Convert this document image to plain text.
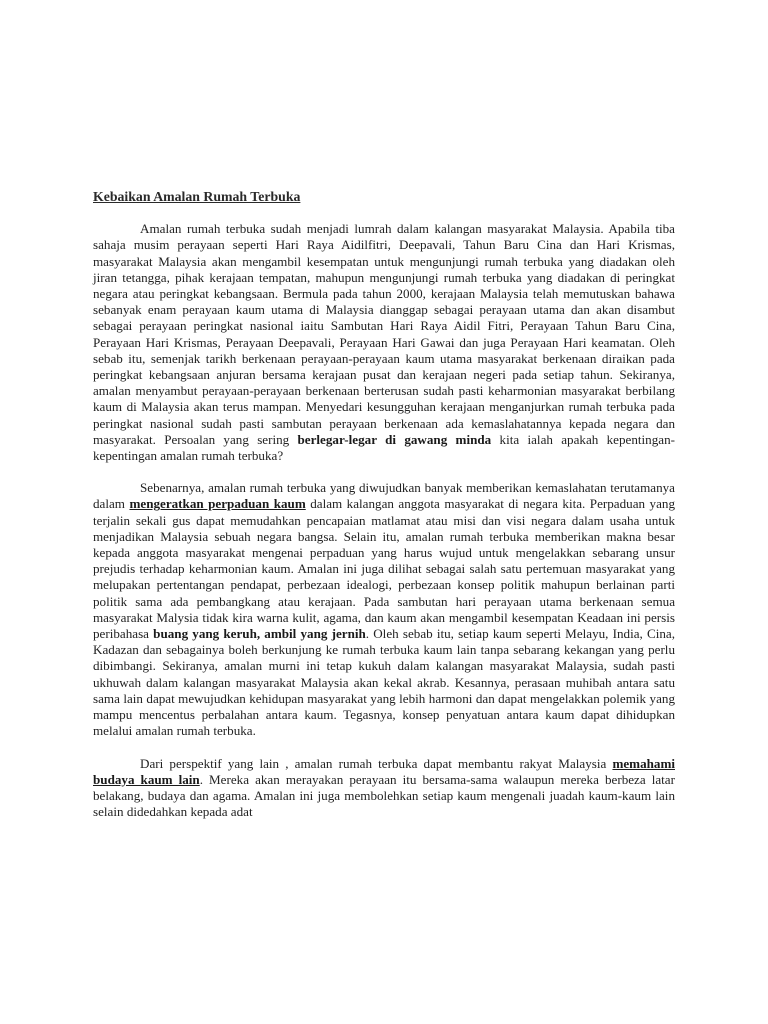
Kebaikan Amalan Rumah Terbuka

Amalan rumah terbuka sudah menjadi lumrah dalam kalangan masyarakat Malaysia. Apabila tiba sahaja musim perayaan seperti Hari Raya Aidilfitri, Deepavali, Tahun Baru Cina dan Hari Krismas, masyarakat Malaysia akan mengambil kesempatan untuk mengunjungi rumah terbuka yang diadakan oleh jiran tetangga, pihak kerajaan tempatan, mahupun mengunjungi rumah terbuka yang diadakan di peringkat negara atau peringkat kebangsaan. Bermula pada tahun 2000, kerajaan Malaysia telah memutuskan bahawa sebanyak enam perayaan kaum utama di Malaysia dianggap sebagai perayaan utama dan akan disambut sebagai perayaan peringkat nasional iaitu Sambutan Hari Raya Aidil Fitri, Perayaan Tahun Baru Cina, Perayaan Hari Krismas, Perayaan Deepavali, Perayaan Hari Gawai dan juga Perayaan Hari keamatan. Oleh sebab itu, semenjak tarikh berkenaan perayaan-perayaan kaum utama masyarakat berkenaan diraikan pada peringkat kebangsaan anjuran bersama kerajaan pusat dan kerajaan negeri pada setiap tahun. Sekiranya, amalan menyambut perayaan-perayaan berkenaan berterusan sudah pasti keharmonian masyarakat berbilang kaum di Malaysia akan terus mampan. Menyedari kesungguhan kerajaan menganjurkan rumah terbuka pada peringkat nasional sudah pasti sambutan perayaan berkenaan ada kemaslahatannya kepada negara dan masyarakat. Persoalan yang sering berlegar-legar di gawang minda kita ialah apakah kepentingan-kepentingan amalan rumah terbuka?

Sebenarnya, amalan rumah terbuka yang diwujudkan banyak memberikan kemaslahatan terutamanya dalam mengeratkan perpaduan kaum dalam kalangan anggota masyarakat di negara kita. Perpaduan yang terjalin sekali gus dapat memudahkan pencapaian matlamat atau misi dan visi negara dalam usaha untuk menjadikan Malaysia sebuah negara bangsa. Selain itu, amalan rumah terbuka memberikan makna besar kepada anggota masyarakat mengenai perpaduan yang harus wujud untuk mengelakkan sebarang unsur prejudis terhadap keharmonian kaum. Amalan ini juga dilihat sebagai salah satu pertemuan masyarakat yang melupakan pertentangan pendapat, perbezaan idealogi, perbezaan konsep politik mahupun berlainan parti politik sama ada pembangkang atau kerajaan. Pada sambutan hari perayaan utama berkenaan semua masyarakat Malysia tidak kira warna kulit, agama, dan kaum akan mengambil kesempatan Keadaan ini persis peribahasa buang yang keruh, ambil yang jernih. Oleh sebab itu, setiap kaum seperti Melayu, India, Cina, Kadazan dan sebagainya boleh berkunjung ke rumah terbuka kaum lain tanpa sebarang kekangan yang perlu dibimbangi. Sekiranya, amalan murni ini tetap kukuh dalam kalangan masyarakat Malaysia, sudah pasti ukhuwah dalam kalangan masyarakat Malaysia akan kekal akrab. Kesannya, perasaan muhibah antara satu sama lain dapat mewujudkan kehidupan masyarakat yang lebih harmoni dan dapat mengelakkan polemik yang mampu mencentus perbalahan antara kaum. Tegasnya, konsep penyatuan antara kaum dapat dihidupkan melalui amalan rumah terbuka.

Dari perspektif yang lain , amalan rumah terbuka dapat membantu rakyat Malaysia memahami budaya kaum lain. Mereka akan merayakan perayaan itu bersama-sama walaupun mereka berbeza latar belakang, budaya dan agama. Amalan ini juga membolehkan setiap kaum mengenali juadah kaum-kaum lain selain didedahkan kepada adat
